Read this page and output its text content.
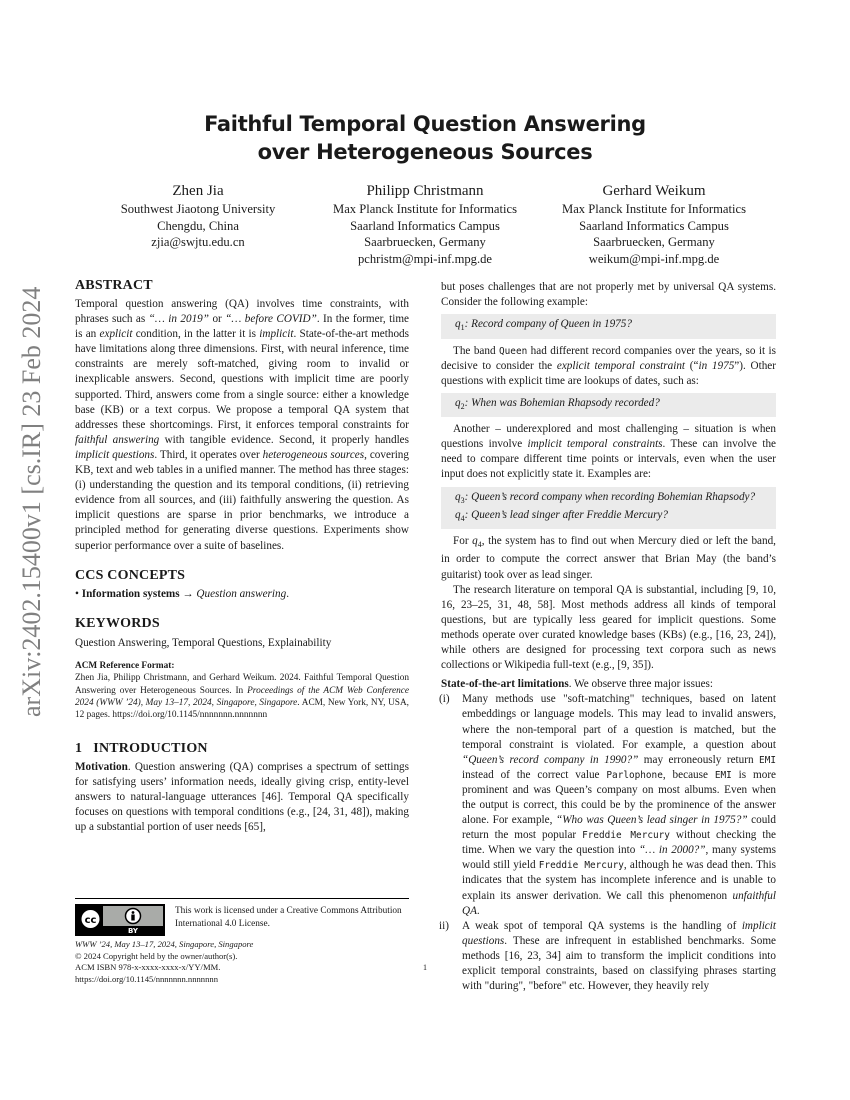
arXiv:2402.15400v1 [cs.IR] 23 Feb 2024
Faithful Temporal Question Answering
over Heterogeneous Sources
Zhen Jia
Southwest Jiaotong University
Chengdu, China
zjia@swjtu.edu.cn
Philipp Christmann
Max Planck Institute for Informatics
Saarland Informatics Campus
Saarbruecken, Germany
pchristm@mpi-inf.mpg.de
Gerhard Weikum
Max Planck Institute for Informatics
Saarland Informatics Campus
Saarbruecken, Germany
weikum@mpi-inf.mpg.de
ABSTRACT

Temporal question answering (QA) involves time constraints, with phrases such as “… in 2019” or “… before COVID”. In the former, time is an explicit condition, in the latter it is implicit. State-of-the-art methods have limitations along three dimensions. First, with neural inference, time constraints are merely soft-matched, giving room to invalid or inexplicable answers. Second, questions with implicit time are poorly supported. Third, answers come from a single source: either a knowledge base (KB) or a text corpus. We propose a temporal QA system that addresses these shortcomings. First, it enforces temporal constraints for faithful answering with tangible evidence. Second, it properly handles implicit questions. Third, it operates over heterogeneous sources, covering KB, text and web tables in a unified manner. The method has three stages: (i) understanding the question and its temporal conditions, (ii) retrieving evidence from all sources, and (iii) faithfully answering the question. As implicit questions are sparse in prior benchmarks, we introduce a principled method for generating diverse questions. Experiments show superior performance over a suite of baselines.

CCS CONCEPTS

• Information systems → Question answering.

KEYWORDS

Question Answering, Temporal Questions, Explainability

ACM Reference Format:

Zhen Jia, Philipp Christmann, and Gerhard Weikum. 2024. Faithful Temporal Question Answering over Heterogeneous Sources. In Proceedings of the ACM Web Conference 2024 (WWW ’24), May 13–17, 2024, Singapore, Singapore. ACM, New York, NY, USA, 12 pages. https://doi.org/10.1145/nnnnnnn.nnnnnnn

1   INTRODUCTION

Motivation. Question answering (QA) comprises a spectrum of settings for satisfying users’ information needs, ideally giving crisp, entity-level answers to natural-language utterances [46]. Temporal QA specifically focuses on questions with temporal conditions (e.g., [24, 31, 48]), making up a substantial portion of user needs [65],

cc
BY
This work is licensed under a Creative Commons Attribution International 4.0 License.
WWW ’24, May 13–17, 2024, Singapore, Singapore
© 2024 Copyright held by the owner/author(s).
ACM ISBN 978-x-xxxx-xxxx-x/YY/MM.
https://doi.org/10.1145/nnnnnnn.nnnnnnn

but poses challenges that are not properly met by universal QA systems. Consider the following example:

$q_1$: Record company of Queen in 1975?

The band Queen had different record companies over the years, so it is decisive to consider the explicit temporal constraint (“in 1975”). Other questions with explicit time are lookups of dates, such as:

$q_2$: When was Bohemian Rhapsody recorded?

Another – underexplored and most challenging – situation is when questions involve implicit temporal constraints. These can involve the need to compare different time points or intervals, even when the user input does not explicitly state it. Examples are:

$q_3$: Queen’s record company when recording Bohemian Rhapsody?
$q_4$: Queen’s lead singer after Freddie Mercury?

For $q_4$, the system has to find out when Mercury died or left the band, in order to compute the correct answer that Brian May (the band’s guitarist) took over as lead singer.

The research literature on temporal QA is substantial, including [9, 10, 16, 23–25, 31, 48, 58]. Most methods address all kinds of temporal questions, but are typically less geared for implicit questions. Some methods operate over curated knowledge bases (KBs) (e.g., [16, 23, 24]), while others are designed for processing text corpora such as news collections or Wikipedia full-text (e.g., [9, 35]).

State-of-the-art limitations. We observe three major issues:

(i) Many methods use "soft-matching" techniques, based on latent embeddings or language models. This may lead to invalid answers, where the non-temporal part of a question is matched, but the temporal constraint is violated. For example, a question about “Queen’s record company in 1990?” may erroneously return EMI instead of the correct value Parlophone, because EMI is more prominent and was Queen’s company on most albums. Even when the output is correct, this could be by the prominence of the answer alone. For example, “Who was Queen’s lead singer in 1975?” could return the most popular Freddie Mercury without checking the time. When we vary the question into “… in 2000?”, many systems would still yield Freddie Mercury, although he was dead then. This indicates that the system has incomplete inference and is unable to explain its answer derivation. We call this phenomenon unfaithful QA.

ii) A weak spot of temporal QA systems is the handling of implicit questions. These are infrequent in established benchmarks. Some methods [16, 23, 34] aim to transform the implicit conditions into explicit temporal constraints, based on classifying phrases starting with "during", "before" etc. However, they heavily rely

1
